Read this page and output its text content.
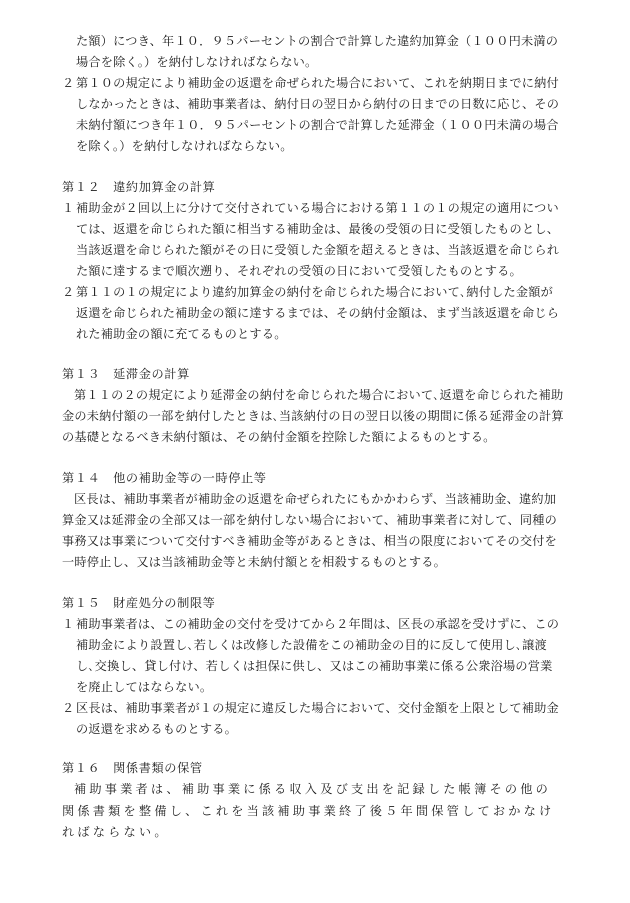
た額）につき、年１０．９５パーセントの割合で計算した違約加算金（１００円未満の場合を除く。）を納付しなければならない。
２ 第１０の規定により補助金の返還を命ぜられた場合において、これを納期日までに納付しなかったときは、補助事業者は、納付日の翌日から納付の日までの日数に応じ、その未納付額につき年１０．９５パーセントの割合で計算した延滞金（１００円未満の場合を除く。）を納付しなければならない。
第１２　違約加算金の計算
１ 補助金が２回以上に分けて交付されている場合における第１１の１の規定の適用については、返還を命じられた額に相当する補助金は、最後の受領の日に受領したものとし、当該返還を命じられた額がその日に受領した金額を超えるときは、当該返還を命じられた額に達するまで順次遡り、それぞれの受領の日において受領したものとする。
２ 第１１の１の規定により違約加算金の納付を命じられた場合において､納付した金額が返還を命じられた補助金の額に達するまでは、その納付金額は、まず当該返還を命じられた補助金の額に充てるものとする。
第１３　延滞金の計算
第１１の２の規定により延滞金の納付を命じられた場合において､返還を命じられた補助金の未納付額の一部を納付したときは､当該納付の日の翌日以後の期間に係る延滞金の計算の基礎となるべき未納付額は、その納付金額を控除した額によるものとする。
第１４　他の補助金等の一時停止等
区長は、補助事業者が補助金の返還を命ぜられたにもかかわらず、当該補助金、違約加算金又は延滞金の全部又は一部を納付しない場合において、補助事業者に対して、同種の事務又は事業について交付すべき補助金等があるときは、相当の限度においてその交付を一時停止し、又は当該補助金等と未納付額とを相殺するものとする。
第１５　財産処分の制限等
１ 補助事業者は、この補助金の交付を受けてから２年間は、区長の承認を受けずに、この補助金により設置し､若しくは改修した設備をこの補助金の目的に反して使用し､譲渡し､交換し、貸し付け、若しくは担保に供し、又はこの補助事業に係る公衆浴場の営業を廃止してはならない。
２ 区長は、補助事業者が１の規定に違反した場合において、交付金額を上限として補助金の返還を求めるものとする。
第１６　関係書類の保管
補助事業者は、補助事業に係る収入及び支出を記録した帳簿その他の関係書類を整備し、これを当該補助事業終了後５年間保管しておかなければならない。
